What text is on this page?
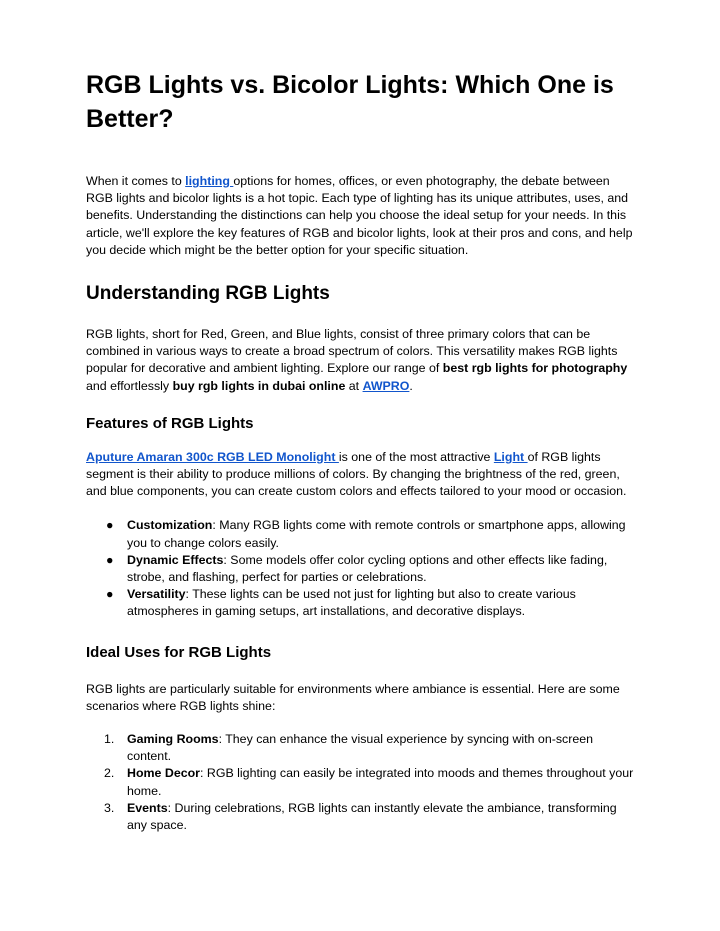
RGB Lights vs. Bicolor Lights: Which One is Better?

When it comes to lighting options for homes, offices, or even photography, the debate between RGB lights and bicolor lights is a hot topic. Each type of lighting has its unique attributes, uses, and benefits. Understanding the distinctions can help you choose the ideal setup for your needs. In this article, we'll explore the key features of RGB and bicolor lights, look at their pros and cons, and help you decide which might be the better option for your specific situation.

Understanding RGB Lights

RGB lights, short for Red, Green, and Blue lights, consist of three primary colors that can be combined in various ways to create a broad spectrum of colors. This versatility makes RGB lights popular for decorative and ambient lighting. Explore our range of best rgb lights for photography and effortlessly buy rgb lights in dubai online at AWPRO.

Features of RGB Lights

Aputure Amaran 300c RGB LED Monolight is one of the most attractive Light of RGB lights segment is their ability to produce millions of colors. By changing the brightness of the red, green, and blue components, you can create custom colors and effects tailored to your mood or occasion.

● Customization: Many RGB lights come with remote controls or smartphone apps, allowing you to change colors easily.
● Dynamic Effects: Some models offer color cycling options and other effects like fading, strobe, and flashing, perfect for parties or celebrations.
● Versatility: These lights can be used not just for lighting but also to create various atmospheres in gaming setups, art installations, and decorative displays.
Ideal Uses for RGB Lights

RGB lights are particularly suitable for environments where ambiance is essential. Here are some scenarios where RGB lights shine:

1. Gaming Rooms: They can enhance the visual experience by syncing with on-screen content.
2. Home Decor: RGB lighting can easily be integrated into moods and themes throughout your home.
3. Events: During celebrations, RGB lights can instantly elevate the ambiance, transforming any space.
